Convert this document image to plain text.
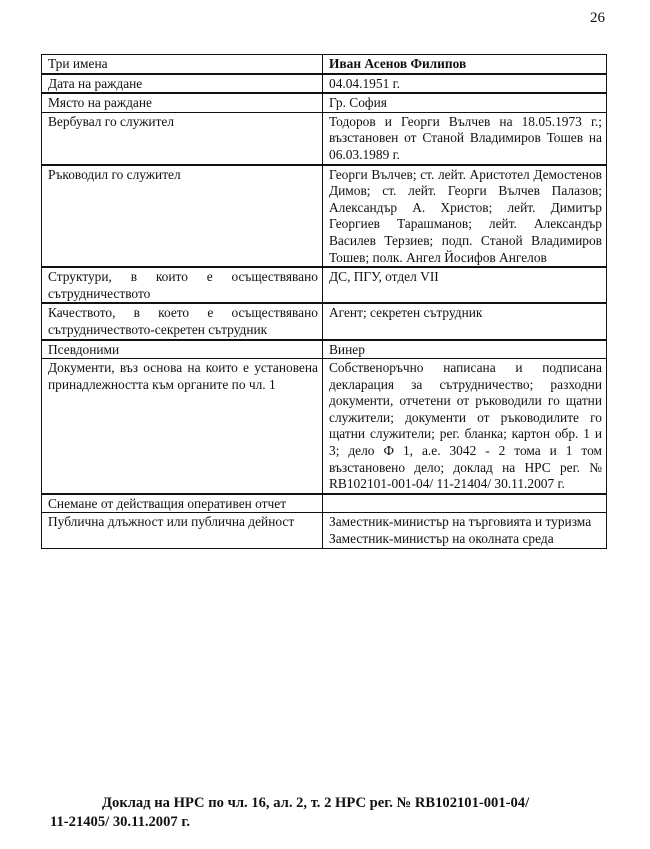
26
Три имена	Иван Асенов Филипов
Дата на раждане	04.04.1951 г.
Място на раждане	Гр. София
Вербувал го служител	Тодоров и Георги Вълчев на 18.05.1973 г.; възстановен от Станой Владимиров Тошев на 06.03.1989 г.
Ръководил го служител	Георги Вълчев; ст. лейт. Аристотел Демостенов Димов; ст. лейт. Георги Вълчев Палазов; Александър А. Христов; лейт. Димитър Георгиев Тарашманов; лейт. Александър Василев Терзиев; подп. Станой Владимиров Тошев; полк. Ангел Йосифов Ангелов
Структури, в които е осъществявано сътрудничеството	ДС, ПГУ, отдел VII
Качеството, в което е осъществявано сътрудничеството-секретен сътрудник	Агент; секретен сътрудник
Псевдоними	Винер
Документи, въз основа на които е установена принадлежността към органите по чл. 1	Собственоръчно написана и подписана декларация за сътрудничество; разходни документи, отчетени от ръководили го щатни служители; документи от ръководилите го щатни служители; рег. бланка; картон обр. 1 и 3; дело Ф 1, а.е. 3042 - 2 тома и 1 том възстановено дело; доклад на НРС рег. № RB102101-001-04/ 11-21404/ 30.11.2007 г.
Снемане от действащия оперативен отчет	
Публична длъжност или публична дейност	Заместник-министър на търговията и туризма
Заместник-министър на околната среда
Доклад на НРС по чл. 16, ал. 2, т. 2 НРС рег. № RB102101-001-04/
11-21405/ 30.11.2007 г.
